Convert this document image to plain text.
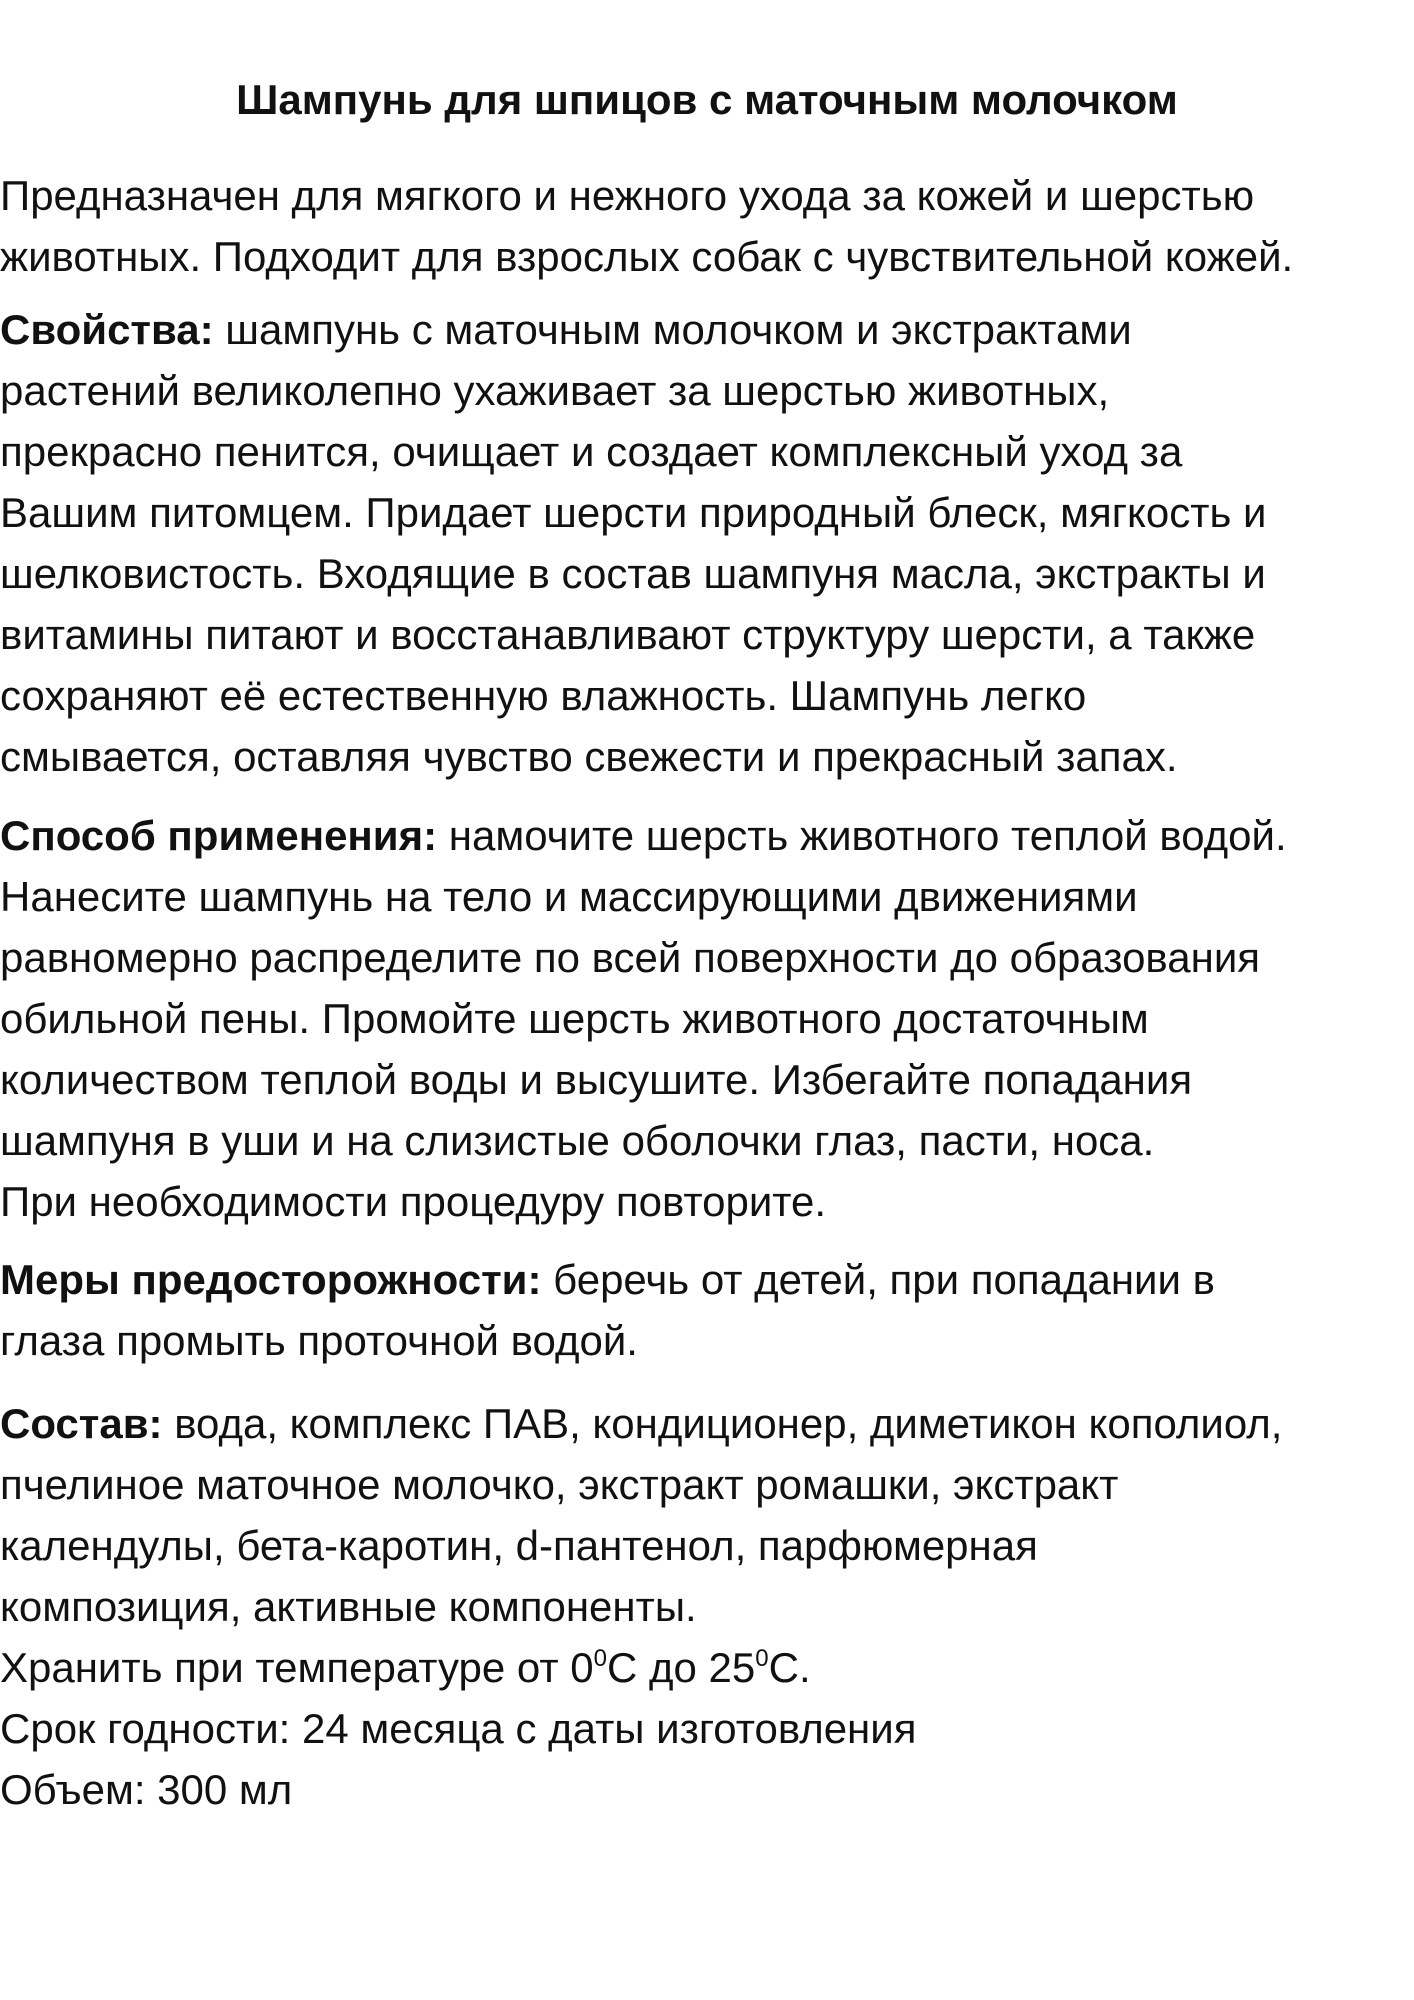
Шампунь для шпицов с маточным молочком
Предназначен для мягкого и нежного ухода за кожей и шерстью
животных. Подходит для взрослых собак с чувствительной кожей.
Свойства: шампунь с маточным молочком и экстрактами
растений великолепно ухаживает за шерстью животных,
прекрасно пенится, очищает и создает комплексный уход за
Вашим питомцем. Придает шерсти природный блеск, мягкость и
шелковистость. Входящие в состав шампуня масла, экстракты и
витамины питают и восстанавливают структуру шерсти, а также
сохраняют её естественную влажность. Шампунь легко
смывается, оставляя чувство свежести и прекрасный запах.
Способ применения: намочите шерсть животного теплой водой.
Нанесите шампунь на тело и массирующими движениями
равномерно распределите по всей поверхности до образования
обильной пены. Промойте шерсть животного достаточным
количеством теплой воды и высушите. Избегайте попадания
шампуня в уши и на слизистые оболочки глаз, пасти, носа.
При необходимости процедуру повторите.
Меры предосторожности: беречь от детей, при попадании в
глаза промыть проточной водой.
Состав: вода, комплекс ПАВ, кондиционер, диметикон кополиол,
пчелиное маточное молочко, экстракт ромашки, экстракт
календулы, бета-каротин, d-пантенол, парфюмерная
композиция, активные компоненты.
Хранить при температуре от $0^0С$ до $25^0С$.
Срок годности: 24 месяца с даты изготовления
Объем: 300 мл
